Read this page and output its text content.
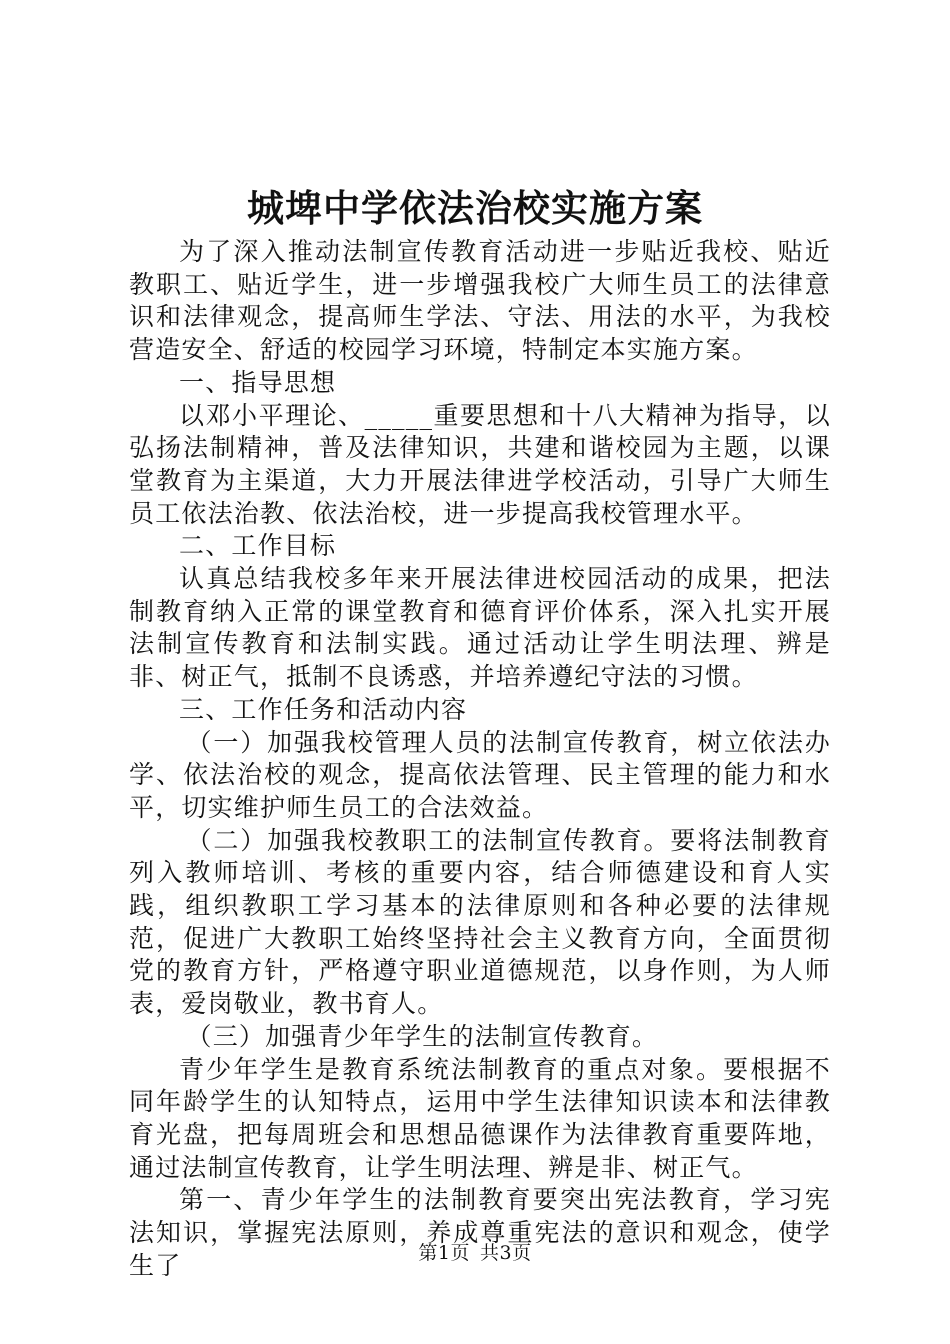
城埤中学依法治校实施方案

为了深入推动法制宣传教育活动进一步贴近我校、贴近教职工、贴近学生，进一步增强我校广大师生员工的法律意识和法律观念，提高师生学法、守法、用法的水平，为我校营造安全、舒适的校园学习环境，特制定本实施方案。

一、指导思想

以邓小平理论、_____重要思想和十八大精神为指导，以弘扬法制精神，普及法律知识，共建和谐校园为主题，以课堂教育为主渠道，大力开展法律进学校活动，引导广大师生员工依法治教、依法治校，进一步提高我校管理水平。

二、工作目标

认真总结我校多年来开展法律进校园活动的成果，把法制教育纳入正常的课堂教育和德育评价体系，深入扎实开展法制宣传教育和法制实践。通过活动让学生明法理、辨是非、树正气，抵制不良诱惑，并培养遵纪守法的习惯。

三、工作任务和活动内容

（一）加强我校管理人员的法制宣传教育，树立依法办学、依法治校的观念，提高依法管理、民主管理的能力和水平，切实维护师生员工的合法效益。

（二）加强我校教职工的法制宣传教育。要将法制教育列入教师培训、考核的重要内容，结合师德建设和育人实践，组织教职工学习基本的法律原则和各种必要的法律规范，促进广大教职工始终坚持社会主义教育方向，全面贯彻党的教育方针，严格遵守职业道德规范，以身作则，为人师表，爱岗敬业，教书育人。

（三）加强青少年学生的法制宣传教育。

青少年学生是教育系统法制教育的重点对象。要根据不同年龄学生的认知特点，运用中学生法律知识读本和法律教育光盘，把每周班会和思想品德课作为法律教育重要阵地，通过法制宣传教育，让学生明法理、辨是非、树正气。

第一、青少年学生的法制教育要突出宪法教育，学习宪法知识，掌握宪法原则，养成尊重宪法的意识和观念，使学生了	第1页 共3页
